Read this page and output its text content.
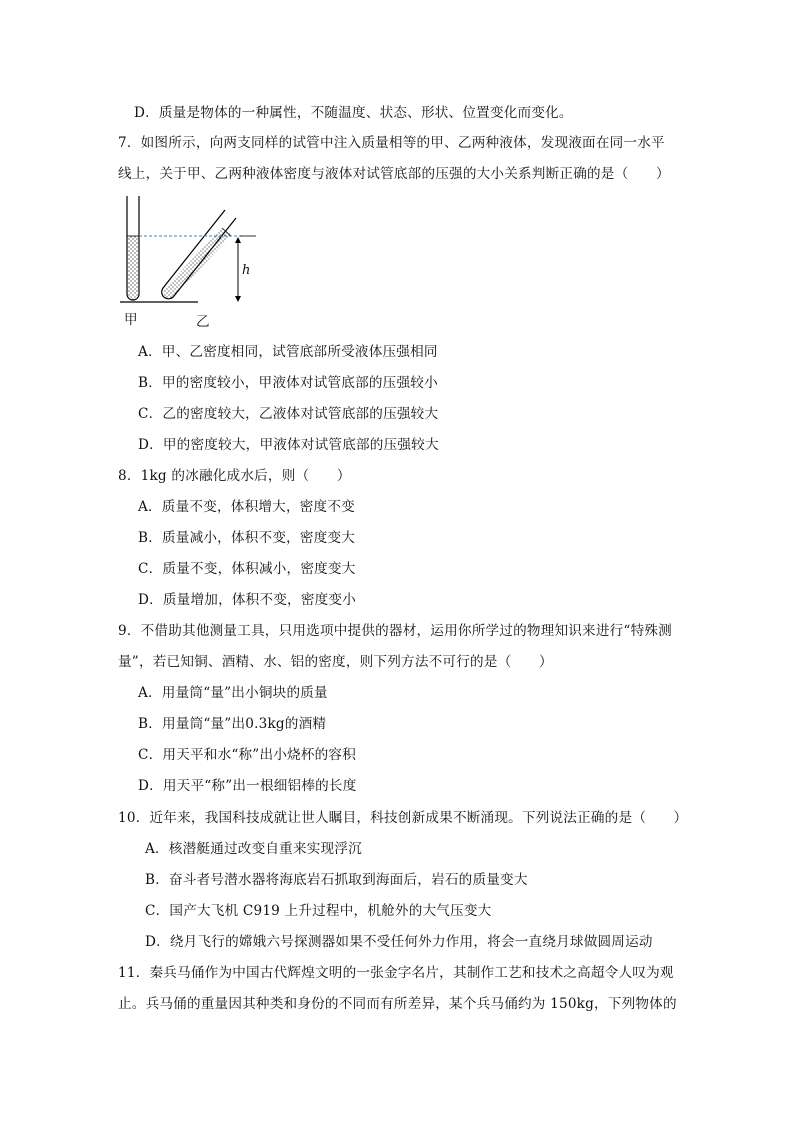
D．质量是物体的一种属性，不随温度、状态、形状、位置变化而变化。
7．如图所示，向两支同样的试管中注入质量相等的甲、乙两种液体，发现液面在同一水平
线上，关于甲、乙两种液体密度与液体对试管底部的压强的大小关系判断正确的是（　　）
h
甲	乙
A．甲、乙密度相同，试管底部所受液体压强相同
B．甲的密度较小，甲液体对试管底部的压强较小
C．乙的密度较大，乙液体对试管底部的压强较大
D．甲的密度较大，甲液体对试管底部的压强较大
8．1kg 的冰融化成水后，则（　　）
A．质量不变，体积增大，密度不变
B．质量减小，体积不变，密度变大
C．质量不变，体积减小，密度变大
D．质量增加，体积不变，密度变小
9．不借助其他测量工具，只用选项中提供的器材，运用你所学过的物理知识来进行“特殊测
量”，若已知铜、酒精、水、铝的密度，则下列方法不可行的是（　　）
A．用量筒“量”出小铜块的质量
B．用量筒“量”出0.3kg的酒精
C．用天平和水“称”出小烧杯的容积
D．用天平“称”出一根细铝棒的长度
10．近年来，我国科技成就让世人瞩目，科技创新成果不断涌现。下列说法正确的是（　　）
A．核潜艇通过改变自重来实现浮沉
B．奋斗者号潜水器将海底岩石抓取到海面后，岩石的质量变大
C．国产大飞机 C919 上升过程中，机舱外的大气压变大
D．绕月飞行的嫦娥六号探测器如果不受任何外力作用，将会一直绕月球做圆周运动
11．秦兵马俑作为中国古代辉煌文明的一张金字名片，其制作工艺和技术之高超令人叹为观
止。兵马俑的重量因其种类和身份的不同而有所差异，某个兵马俑约为 150kg，下列物体的
